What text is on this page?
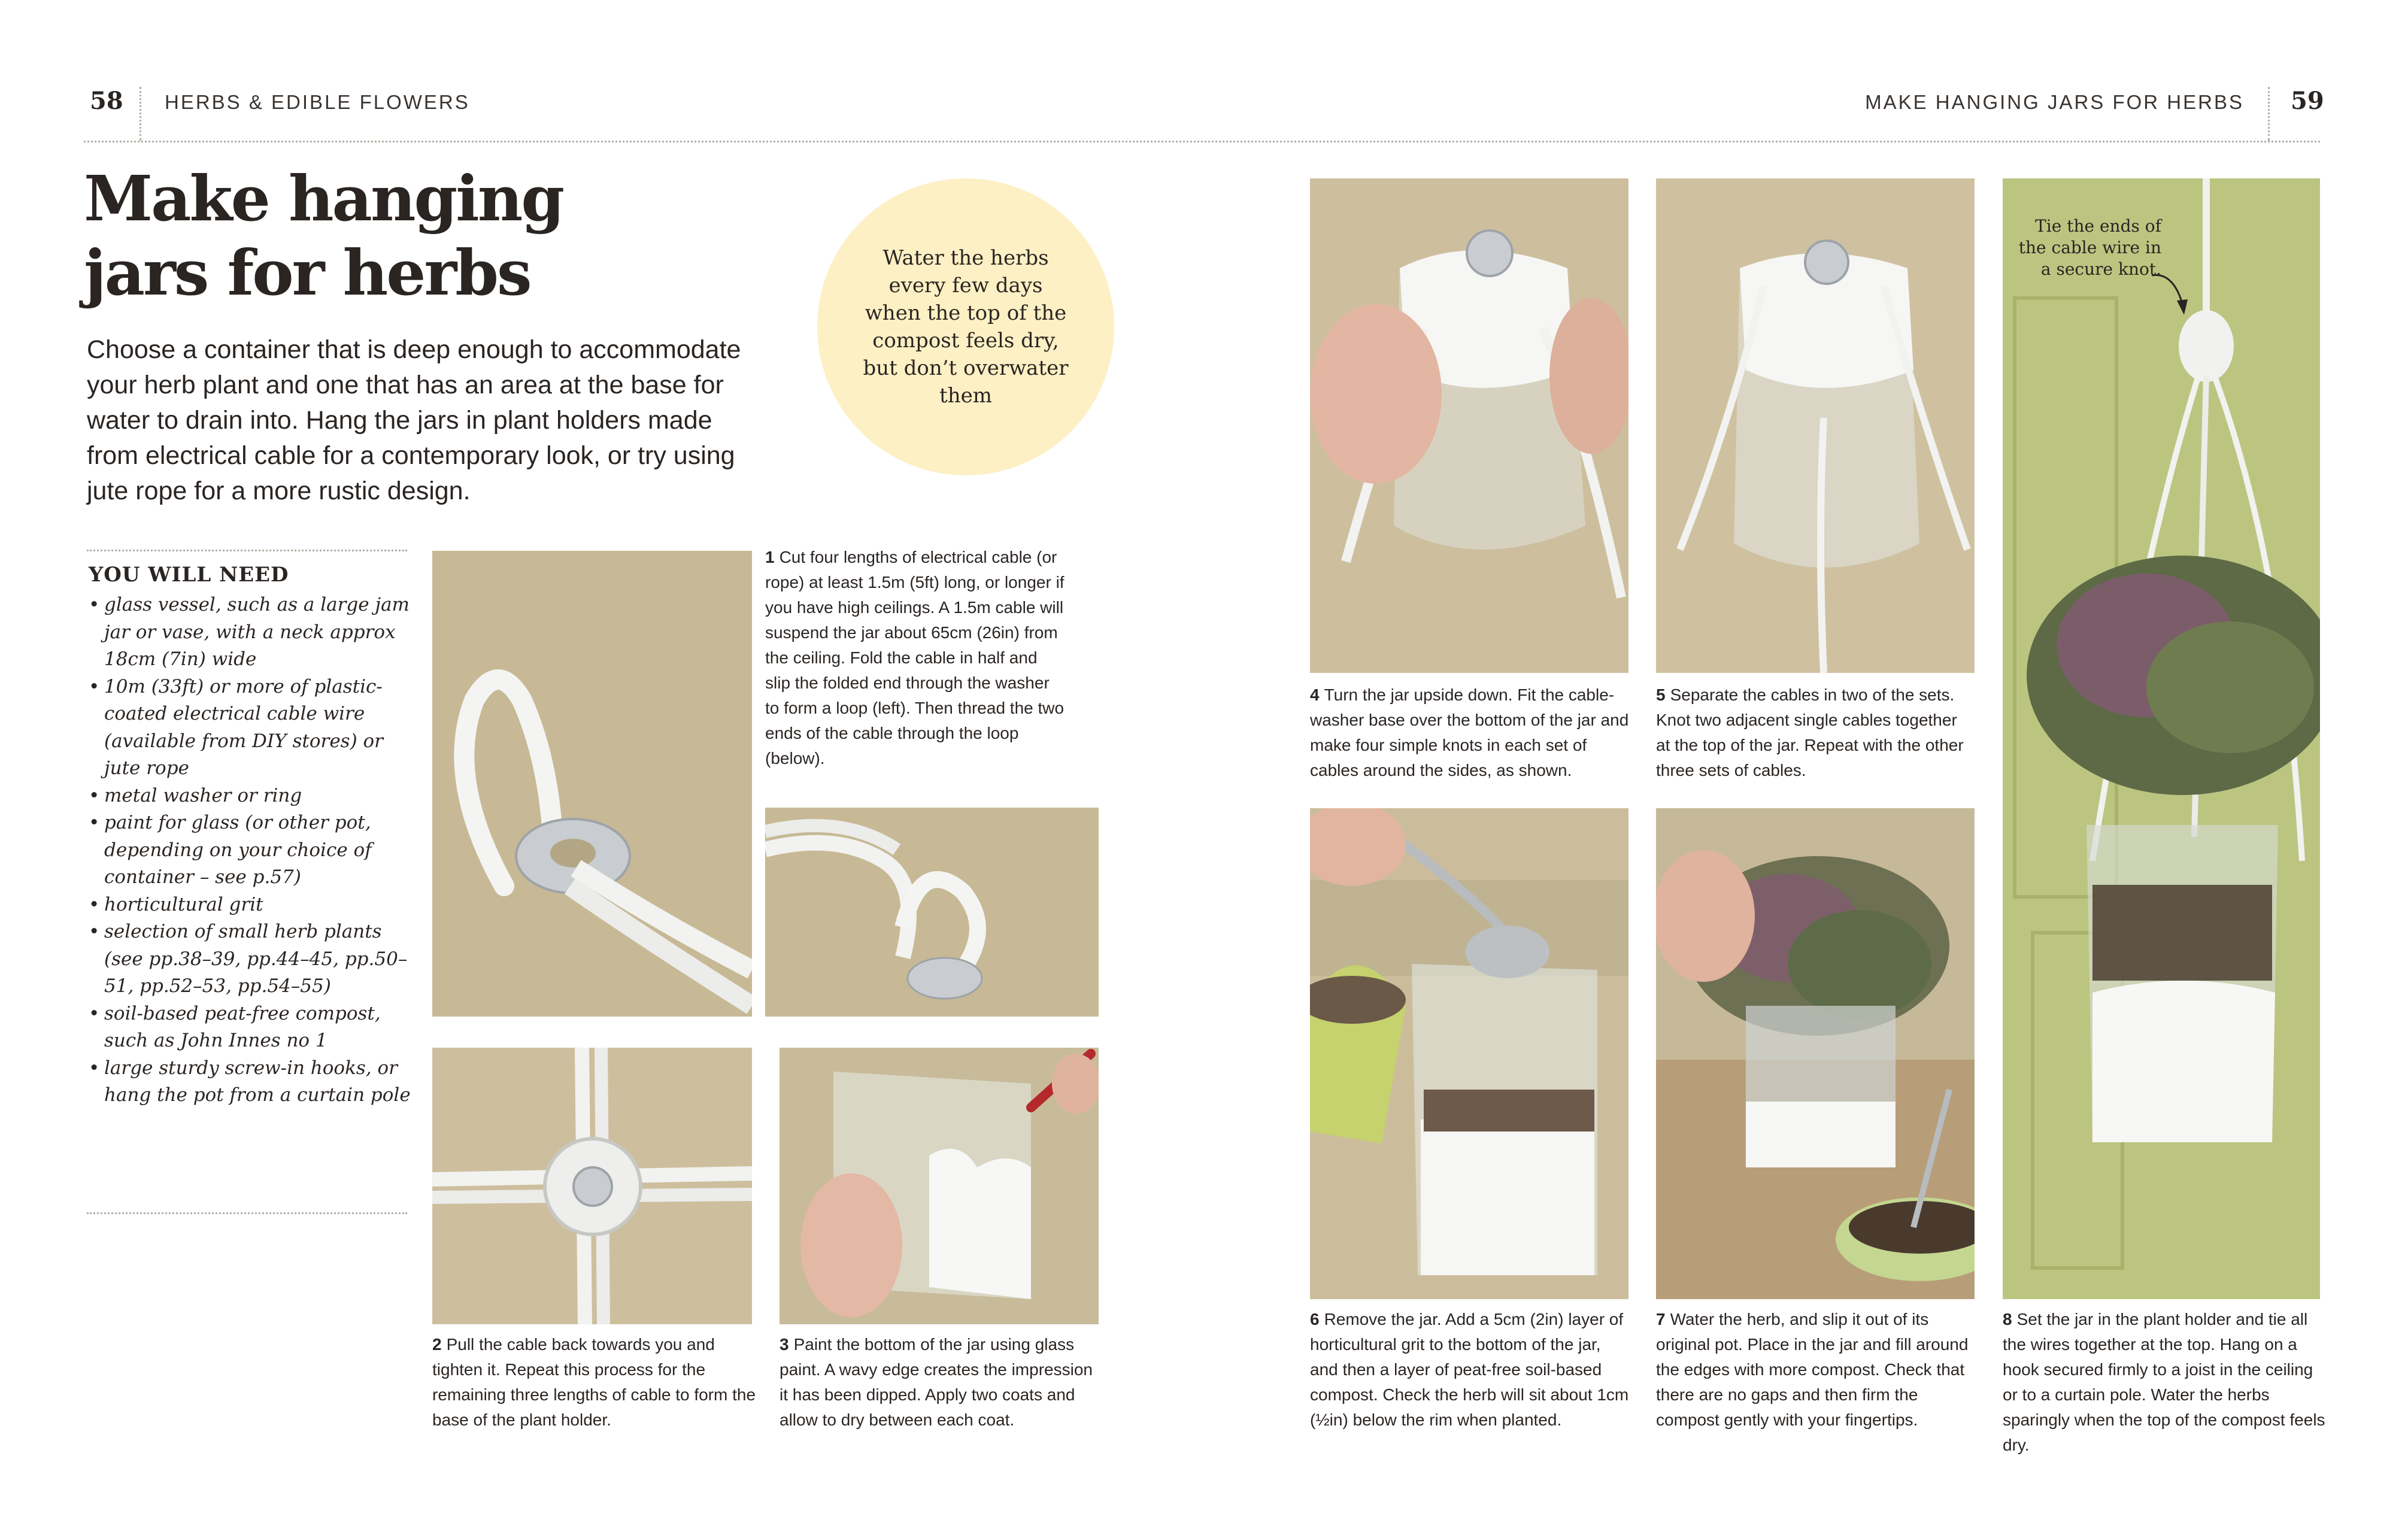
58 HERBS & EDIBLE FLOWERS	MAKE HANGING JARS FOR HERBS 59
Make hanging
jars for herbs
Choose a container that is deep enough to accommodate your herb plant and one that has an area at the base for water to drain into. Hang the jars in plant holders made from electrical cable for a contemporary look, or try using jute rope for a more rustic design.

Water the herbs every few days when the top of the compost feels dry, but don’t overwater them

YOU WILL NEED
• glass vessel, such as a large jam jar or vase, with a neck approx 18cm (7in) wide
• 10m (33ft) or more of plastic-coated electrical cable wire (available from DIY stores) or jute rope
• metal washer or ring
• paint for glass (or other pot, depending on your choice of container – see p.57)
• horticultural grit
• selection of small herb plants (see pp.38–39, pp.44–45, pp.50–51, pp.52–53, pp.54–55)
• soil-based peat-free compost, such as John Innes no 1
• large sturdy screw-in hooks, or hang the pot from a curtain pole
1 Cut four lengths of electrical cable (or rope) at least 1.5m (5ft) long, or longer if you have high ceilings. A 1.5m cable will suspend the jar about 65cm (26in) from the ceiling. Fold the cable in half and slip the folded end through the washer to form a loop (left). Then thread the two ends of the cable through the loop (below).
2 Pull the cable back towards you and tighten it. Repeat this process for the remaining three lengths of cable to form the base of the plant holder.
3 Paint the bottom of the jar using glass paint. A wavy edge creates the impression it has been dipped. Apply two coats and allow to dry between each coat.
4 Turn the jar upside down. Fit the cable-washer base over the bottom of the jar and make four simple knots in each set of cables around the sides, as shown.
5 Separate the cables in two of the sets. Knot two adjacent single cables together at the top of the jar. Repeat with the other three sets of cables.
6 Remove the jar. Add a 5cm (2in) layer of horticultural grit to the bottom of the jar, and then a layer of peat-free soil-based compost. Check the herb will sit about 1cm (½in) below the rim when planted.
7 Water the herb, and slip it out of its original pot. Place in the jar and fill around the edges with more compost. Check that there are no gaps and then firm the compost gently with your fingertips.
Tie the ends of the cable wire in a secure knot.
8 Set the jar in the plant holder and tie all the wires together at the top. Hang on a hook secured firmly to a joist in the ceiling or to a curtain pole. Water the herbs sparingly when the top of the compost feels dry.
